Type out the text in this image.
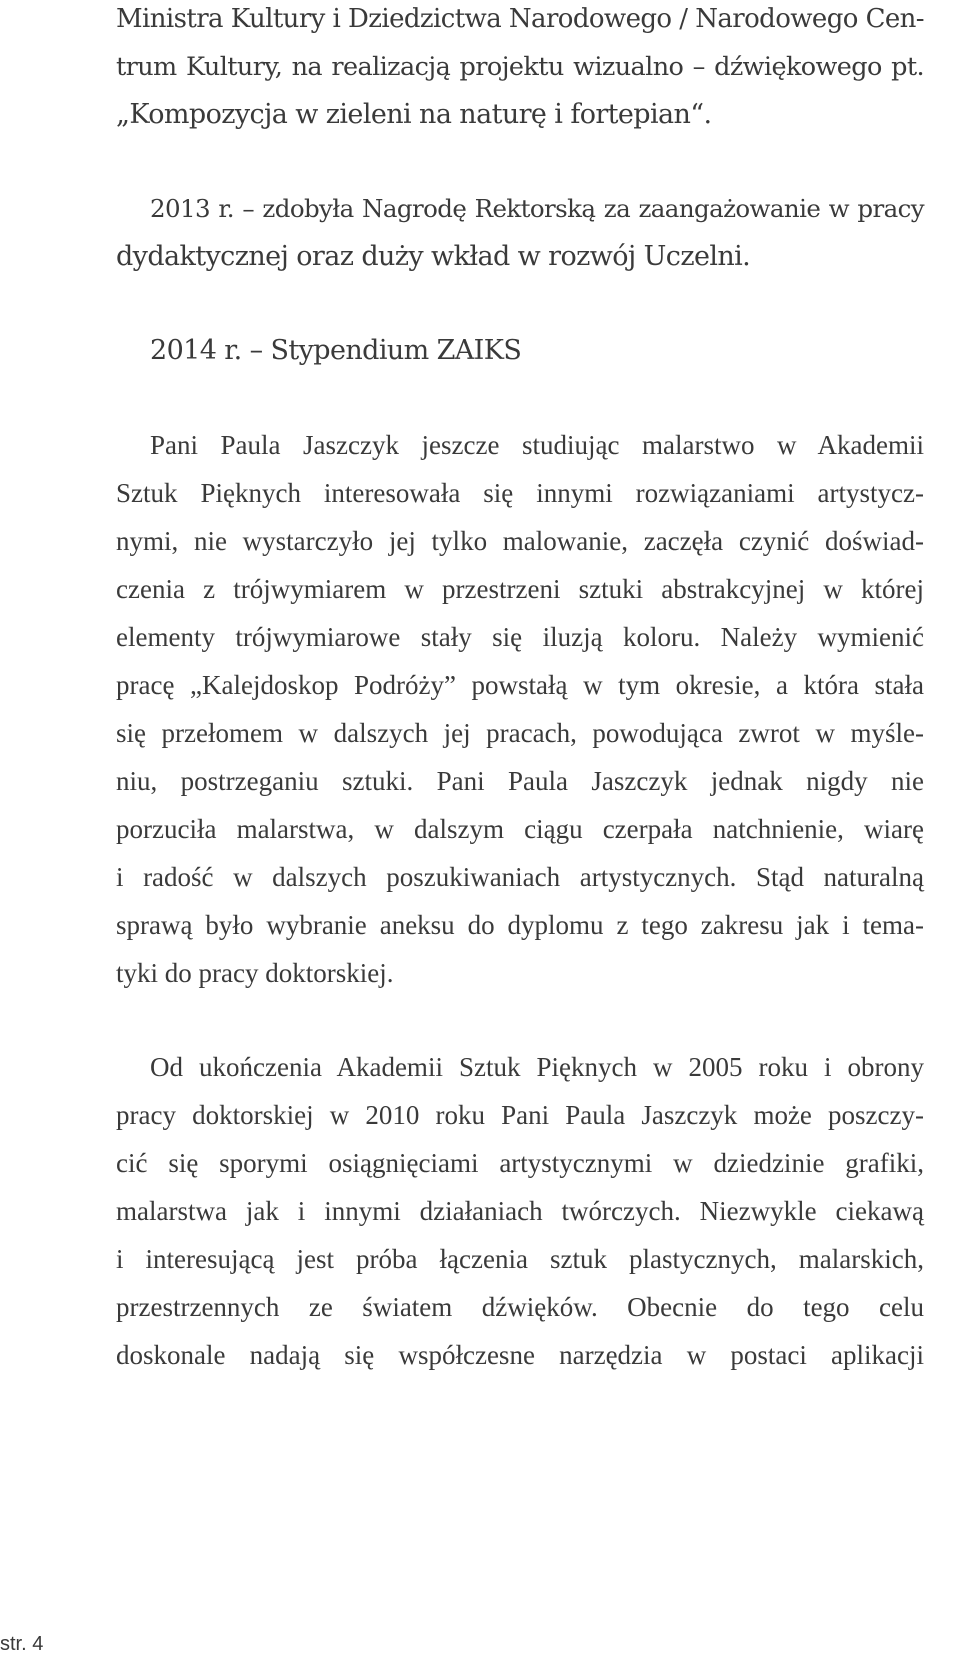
Ministra Kultury i Dziedzictwa Narodowego / Narodowego Cen-
trum Kultury, na realizacją projektu wizualno – dźwiękowego pt.
„Kompozycja w zieleni na naturę i fortepian“.
2013 r. – zdobyła Nagrodę Rektorską za zaangażowanie w pracy
dydaktycznej oraz duży wkład w rozwój Uczelni.
2014 r. – Stypendium ZAIKS
Pani Paula Jaszczyk jeszcze studiując malarstwo w Akademii
Sztuk Pięknych interesowała się innymi rozwiązaniami artystycz-
nymi, nie wystarczyło jej tylko malowanie, zaczęła czynić doświad-
czenia z trójwymiarem w przestrzeni sztuki abstrakcyjnej w której
elementy trójwymiarowe stały się iluzją koloru. Należy wymienić
pracę „Kalejdoskop Podróży” powstałą w tym okresie, a która stała
się przełomem w dalszych jej pracach, powodująca zwrot w myśle-
niu, postrzeganiu sztuki. Pani Paula Jaszczyk jednak nigdy nie
porzuciła malarstwa, w dalszym ciągu czerpała natchnienie, wiarę
i radość w dalszych poszukiwaniach artystycznych. Stąd naturalną
sprawą było wybranie aneksu do dyplomu z tego zakresu jak i tema-
tyki do pracy doktorskiej.
Od ukończenia Akademii Sztuk Pięknych w 2005 roku i obrony
pracy doktorskiej w 2010 roku Pani Paula Jaszczyk może poszczy-
cić się sporymi osiągnięciami artystycznymi w dziedzinie grafiki,
malarstwa jak i innymi działaniach twórczych. Niezwykle ciekawą
i interesującą jest próba łączenia sztuk plastycznych, malarskich,
przestrzennych ze światem dźwięków. Obecnie do tego celu
doskonale nadają się współczesne narzędzia w postaci aplikacji
str. 4
